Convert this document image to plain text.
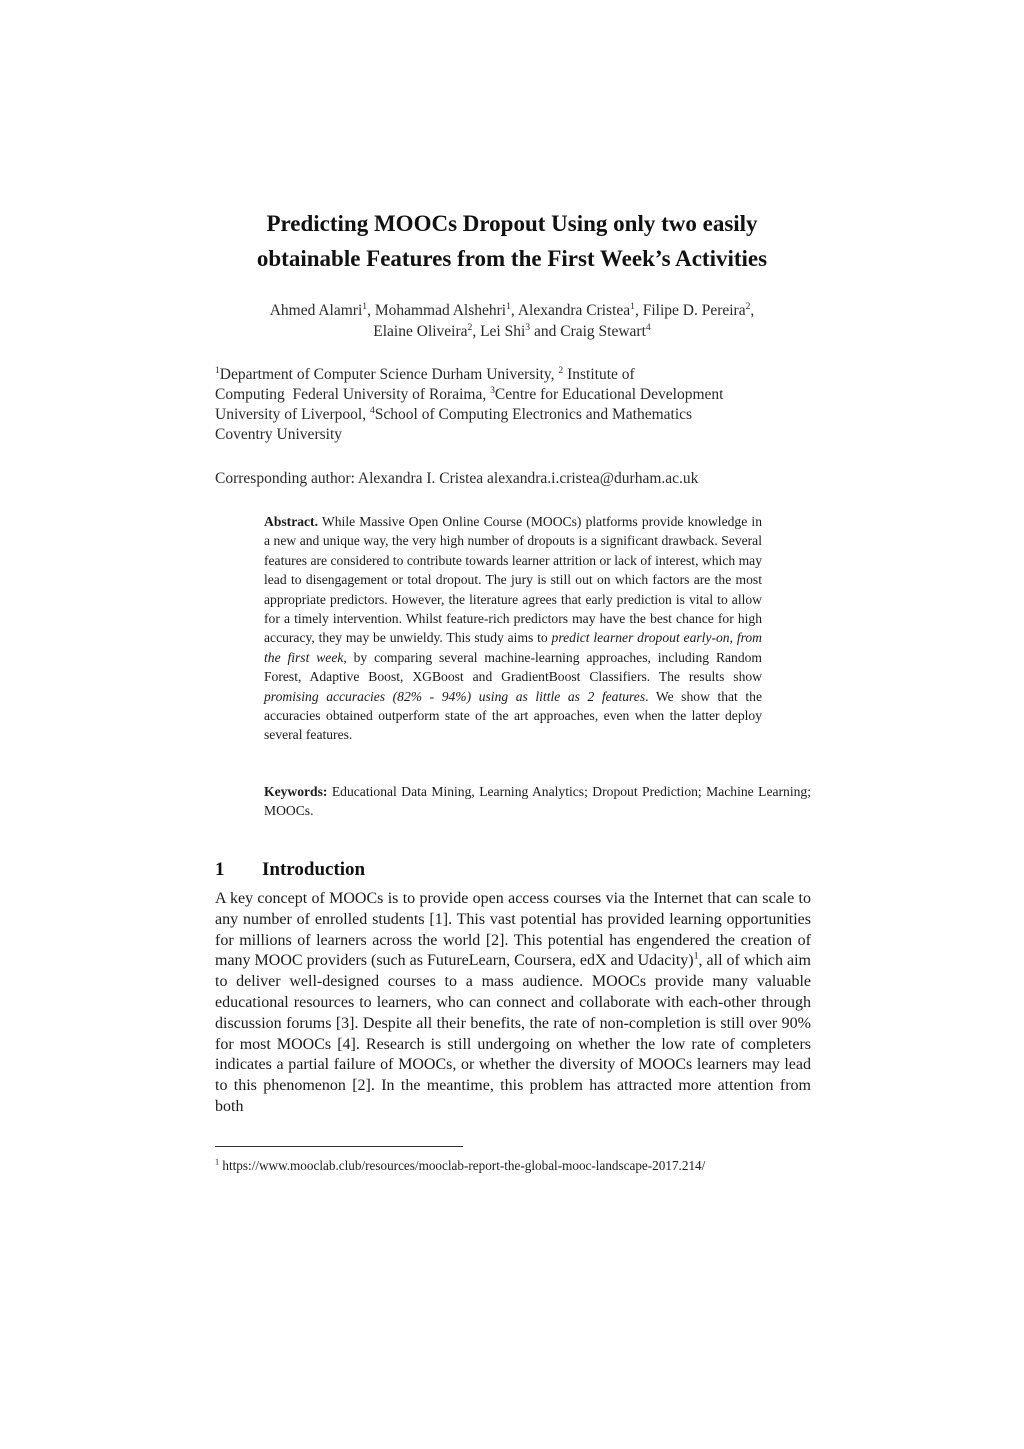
Predicting MOOCs Dropout Using only two easily
obtainable Features from the First Week’s Activities
Ahmed Alamri$^1$, Mohammad Alshehri$^1$, Alexandra Cristea$^1$, Filipe D. Pereira$^2$,
Elaine Oliveira$^2$, Lei Shi$^3$ and Craig Stewart$^4$
$^1$Department of Computer Science Durham University, $^2$ Institute of
Computing  Federal University of Roraima, $^3$Centre for Educational Development
University of Liverpool, $^4$School of Computing Electronics and Mathematics
Coventry University
Corresponding author: Alexandra I. Cristea alexandra.i.cristea@durham.ac.uk
Abstract. While Massive Open Online Course (MOOCs) platforms provide knowledge in a new and unique way, the very high number of dropouts is a significant drawback. Several features are considered to contribute towards learner attrition or lack of interest, which may lead to disengagement or total dropout. The jury is still out on which factors are the most appropriate predictors. However, the literature agrees that early prediction is vital to allow for a timely intervention. Whilst feature-rich predictors may have the best chance for high accuracy, they may be unwieldy. This study aims to predict learner dropout early-on, from the first week, by comparing several machine-learning approaches, including Random Forest, Adaptive Boost, XGBoost and GradientBoost Classifiers. The results show promising accuracies (82% - 94%) using as little as 2 features. We show that the accuracies obtained outperform state of the art approaches, even when the latter deploy several features.
Keywords: Educational Data Mining, Learning Analytics; Dropout Prediction; Machine Learning; MOOCs.
1 Introduction
A key concept of MOOCs is to provide open access courses via the Internet that can scale to any number of enrolled students [1]. This vast potential has provided learning opportunities for millions of learners across the world [2]. This potential has engendered the creation of many MOOC providers (such as FutureLearn, Coursera, edX and Udacity)$^1$, all of which aim to deliver well-designed courses to a mass audience. MOOCs provide many valuable educational resources to learners, who can connect and collaborate with each-other through discussion forums [3]. Despite all their benefits, the rate of non-completion is still over 90% for most MOOCs [4]. Research is still undergoing on whether the low rate of completers indicates a partial failure of MOOCs, or whether the diversity of MOOCs learners may lead to this phenomenon [2]. In the meantime, this problem has attracted more attention from both
$^1$ https://www.mooclab.club/resources/mooclab-report-the-global-mooc-landscape-2017.214/
